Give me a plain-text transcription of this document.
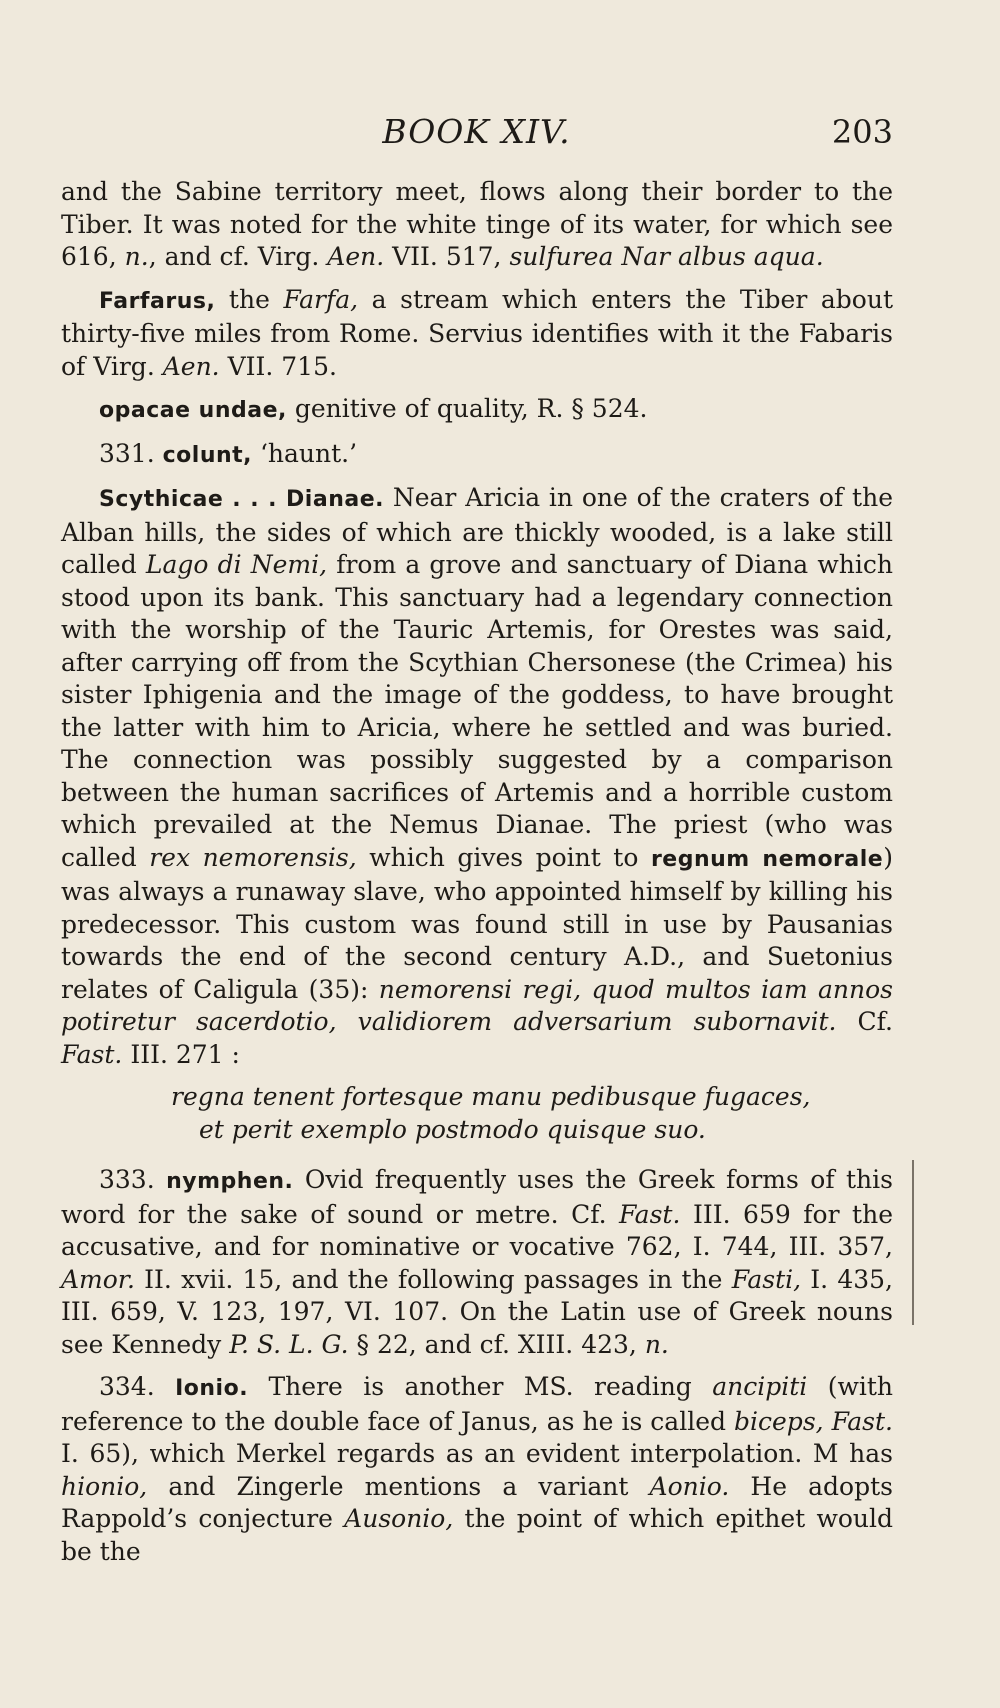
BOOK XIV.	203

and the Sabine territory meet, flows along their border to the Tiber. It was noted for the white tinge of its water, for which see 616, n., and cf. Virg. Aen. VII. 517, sulfurea Nar albus aqua.

Farfarus, the Farfa, a stream which enters the Tiber about thirty-five miles from Rome. Servius identifies with it the Fabaris of Virg. Aen. VII. 715.

opacae undae, genitive of quality, R. § 524.

331. colunt, ‘haunt.’

Scythicae . . . Dianae. Near Aricia in one of the craters of the Alban hills, the sides of which are thickly wooded, is a lake still called Lago di Nemi, from a grove and sanctuary of Diana which stood upon its bank. This sanctuary had a legendary connection with the worship of the Tauric Artemis, for Orestes was said, after carrying off from the Scythian Chersonese (the Crimea) his sister Iphigenia and the image of the goddess, to have brought the latter with him to Aricia, where he settled and was buried. The connection was possibly suggested by a comparison between the human sacrifices of Artemis and a horrible custom which prevailed at the Nemus Dianae. The priest (who was called rex nemorensis, which gives point to regnum nemorale) was always a runaway slave, who appointed himself by killing his predecessor. This custom was found still in use by Pausanias towards the end of the second century A.D., and Suetonius relates of Caligula (35): nemorensi regi, quod multos iam annos potiretur sacerdotio, validiorem adversarium subornavit. Cf. Fast. III. 271 :

regna tenent fortesque manu pedibusque fugaces,
et perit exemplo postmodo quisque suo.

333. nymphen. Ovid frequently uses the Greek forms of this word for the sake of sound or metre. Cf. Fast. III. 659 for the accusative, and for nominative or vocative 762, I. 744, III. 357, Amor. II. xvii. 15, and the following passages in the Fasti, I. 435, III. 659, V. 123, 197, VI. 107. On the Latin use of Greek nouns see Kennedy P. S. L. G. § 22, and cf. XIII. 423, n.

334. Ionio. There is another MS. reading ancipiti (with reference to the double face of Janus, as he is called biceps, Fast. I. 65), which Merkel regards as an evident interpolation. M has hionio, and Zingerle mentions a variant Aonio. He adopts Rappold’s conjecture Ausonio, the point of which epithet would be the
